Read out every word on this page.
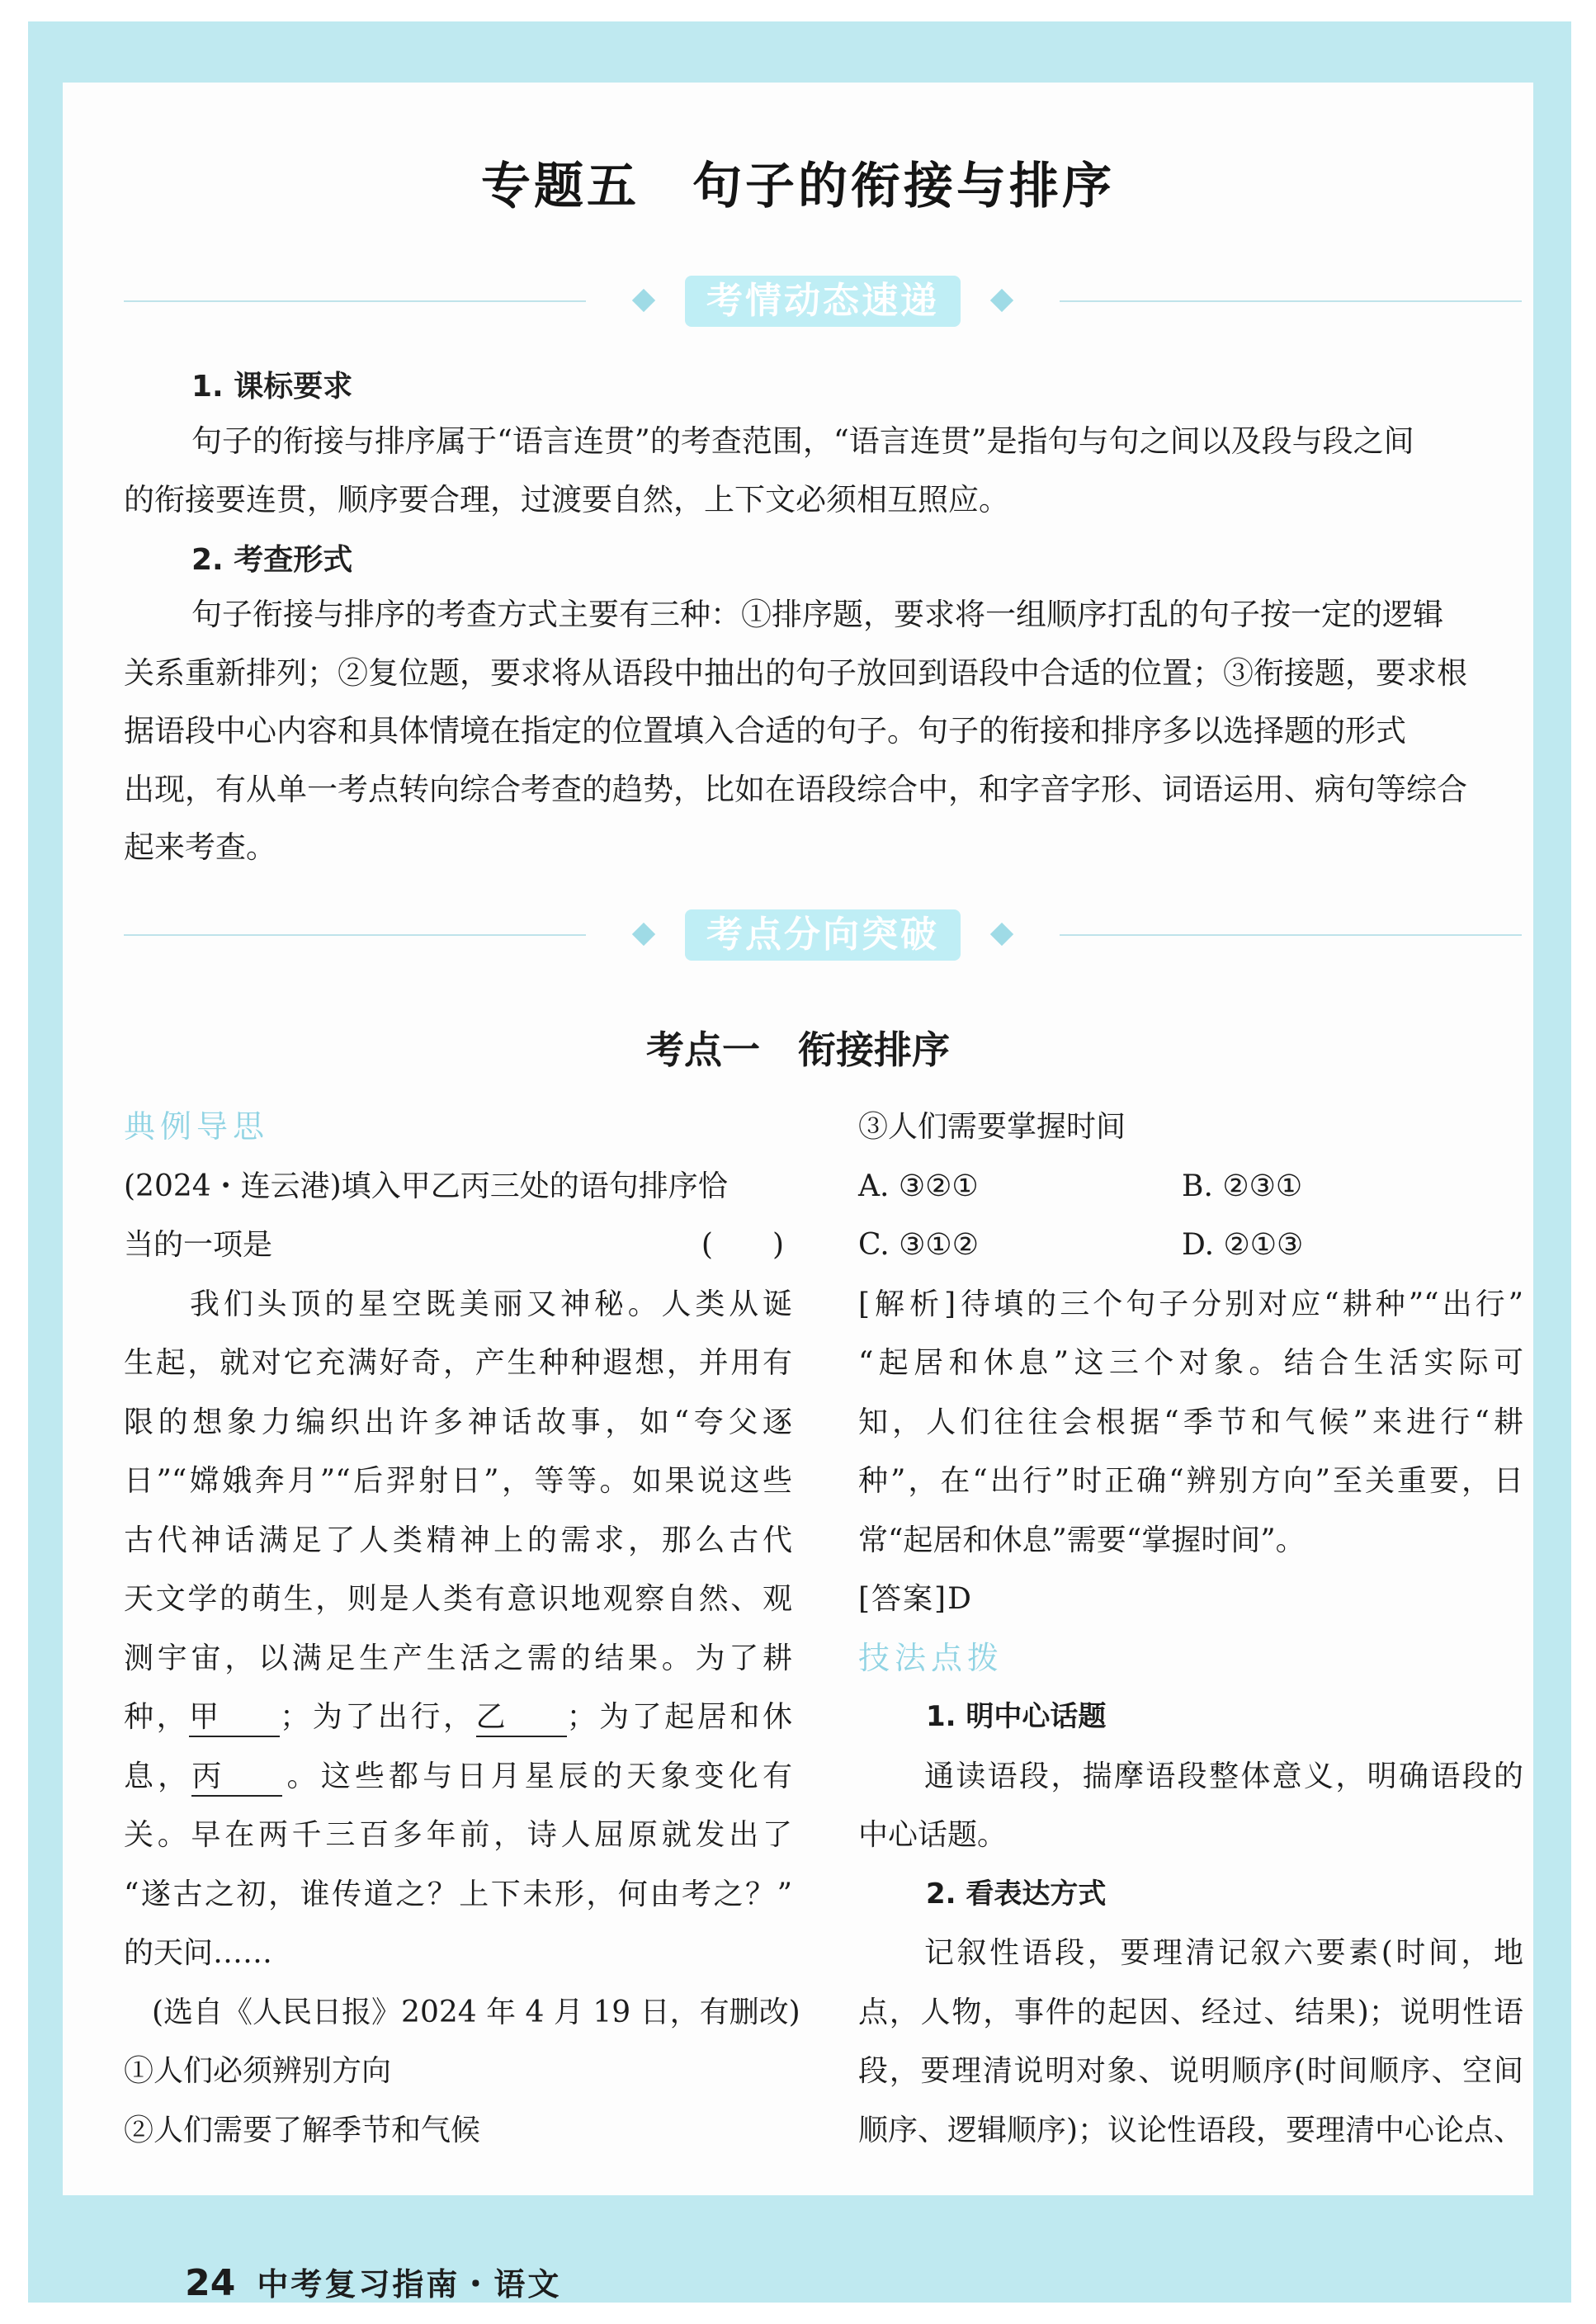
专题五　句子的衔接与排序
考情动态速递
1. 课标要求
句子的衔接与排序属于“语言连贯”的考查范围，“语言连贯”是指句与句之间以及段与段之间
的衔接要连贯，顺序要合理，过渡要自然，上下文必须相互照应。
2. 考查形式
句子衔接与排序的考查方式主要有三种：①排序题，要求将一组顺序打乱的句子按一定的逻辑
关系重新排列；②复位题，要求将从语段中抽出的句子放回到语段中合适的位置；③衔接题，要求根
据语段中心内容和具体情境在指定的位置填入合适的句子。句子的衔接和排序多以选择题的形式
出现，有从单一考点转向综合考查的趋势，比如在语段综合中，和字音字形、词语运用、病句等综合
起来考查。
考点分向突破
考点一　衔接排序
典例导思
(2024・连云港)填入甲乙丙三处的语句排序恰
当的一项是	(　　)
我们头顶的星空既美丽又神秘。人类从诞
生起，就对它充满好奇，产生种种遐想，并用有
限的想象力编织出许多神话故事，如“夸父逐
日”“嫦娥奔月”“后羿射日”，等等。如果说这些
古代神话满足了人类精神上的需求，那么古代
天文学的萌生，则是人类有意识地观察自然、观
测宇宙，以满足生产生活之需的结果。为了耕
种，甲 ；为了出行，乙 ；为了起居和休
息，丙 。这些都与日月星辰的天象变化有
关。早在两千三百多年前，诗人屈原就发出了
“遂古之初，谁传道之？上下未形，何由考之？”
的天问……
(选自《人民日报》2024 年 4 月 19 日，有删改)
①人们必须辨别方向
②人们需要了解季节和气候
③人们需要掌握时间
A. ③②①	B. ②③①
C. ③①②	D. ②①③
[解析]待填的三个句子分别对应“耕种”“出行”
“起居和休息”这三个对象。结合生活实际可
知，人们往往会根据“季节和气候”来进行“耕
种”，在“出行”时正确“辨别方向”至关重要，日
常“起居和休息”需要“掌握时间”。
[答案]D
技法点拨
1. 明中心话题
通读语段，揣摩语段整体意义，明确语段的
中心话题。
2. 看表达方式
记叙性语段，要理清记叙六要素(时间，地
点，人物，事件的起因、经过、结果)；说明性语
段，要理清说明对象、说明顺序(时间顺序、空间
顺序、逻辑顺序)；议论性语段，要理清中心论点、

24 中考复习指南・语文
